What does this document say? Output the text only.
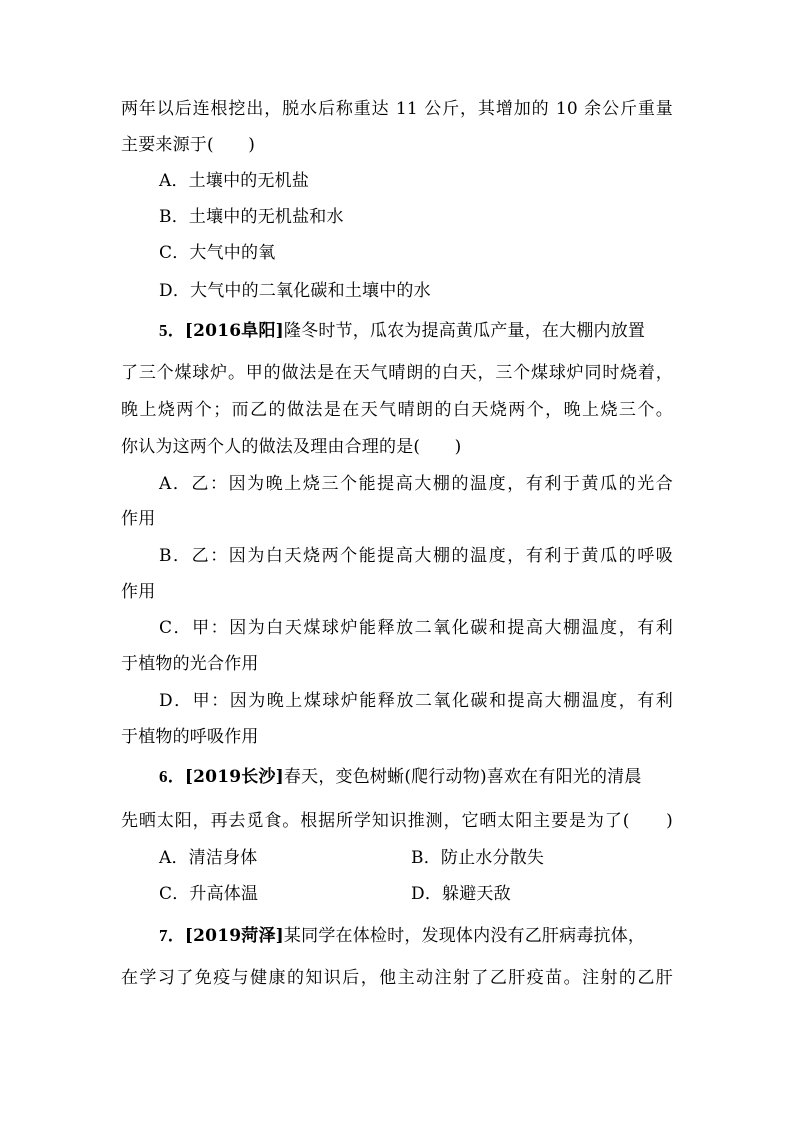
两年以后连根挖出，脱水后称重达 11 公斤，其增加的 10 余公斤重量
主要来源于(　　)
A．土壤中的无机盐
B．土壤中的无机盐和水
C．大气中的氧
D．大气中的二氧化碳和土壤中的水
5．[2016阜阳]隆冬时节，瓜农为提高黄瓜产量，在大棚内放置
了三个煤球炉。甲的做法是在天气晴朗的白天，三个煤球炉同时烧着，
晚上烧两个；而乙的做法是在天气晴朗的白天烧两个，晚上烧三个。
你认为这两个人的做法及理由合理的是(　　)
A．乙：因为晚上烧三个能提高大棚的温度，有利于黄瓜的光合
作用
B．乙：因为白天烧两个能提高大棚的温度，有利于黄瓜的呼吸
作用
C．甲：因为白天煤球炉能释放二氧化碳和提高大棚温度，有利
于植物的光合作用
D．甲：因为晚上煤球炉能释放二氧化碳和提高大棚温度，有利
于植物的呼吸作用
6．[2019长沙]春天，变色树蜥(爬行动物)喜欢在有阳光的清晨
先晒太阳，再去觅食。根据所学知识推测，它晒太阳主要是为了(　　)
A．清洁身体	B．防止水分散失
C．升高体温	D．躲避天敌
7．[2019菏泽]某同学在体检时，发现体内没有乙肝病毒抗体，
在学习了免疫与健康的知识后，他主动注射了乙肝疫苗。注射的乙肝
